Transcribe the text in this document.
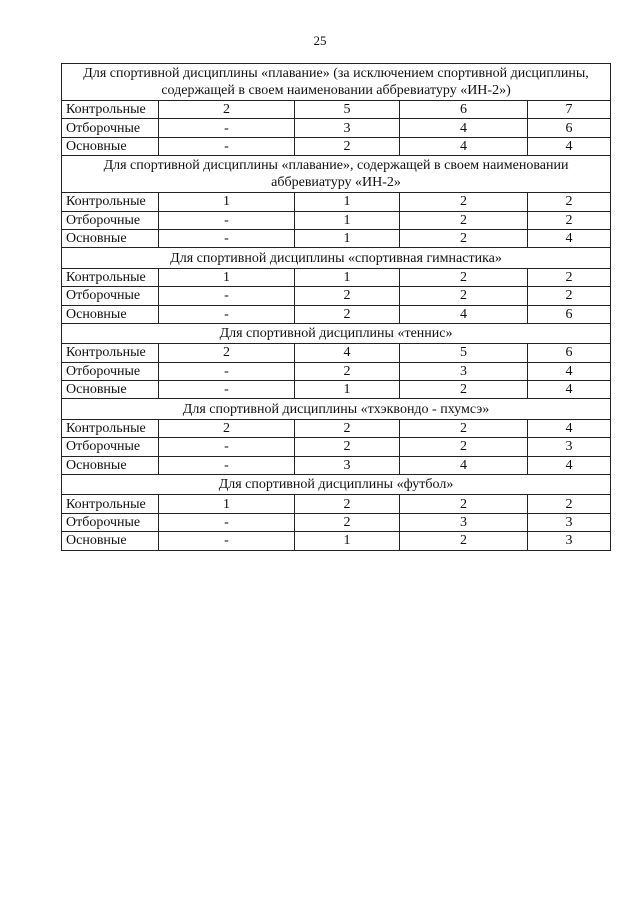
25
Для спортивной дисциплины «плавание» (за исключением спортивной дисциплины, содержащей в своем наименовании аббревиатуру «ИН-2»)				
Контрольные	2	5	6	7
Отборочные	-	3	4	6
Основные	-	2	4	4
Для спортивной дисциплины «плавание», содержащей в своем наименовании аббревиатуру «ИН-2»				
Контрольные	1	1	2	2
Отборочные	-	1	2	2
Основные	-	1	2	4
Для спортивной дисциплины «спортивная гимнастика»				
Контрольные	1	1	2	2
Отборочные	-	2	2	2
Основные	-	2	4	6
Для спортивной дисциплины «теннис»				
Контрольные	2	4	5	6
Отборочные	-	2	3	4
Основные	-	1	2	4
Для спортивной дисциплины «тхэквондо - пхумсэ»				
Контрольные	2	2	2	4
Отборочные	-	2	2	3
Основные	-	3	4	4
Для спортивной дисциплины «футбол»				
Контрольные	1	2	2	2
Отборочные	-	2	3	3
Основные	-	1	2	3
